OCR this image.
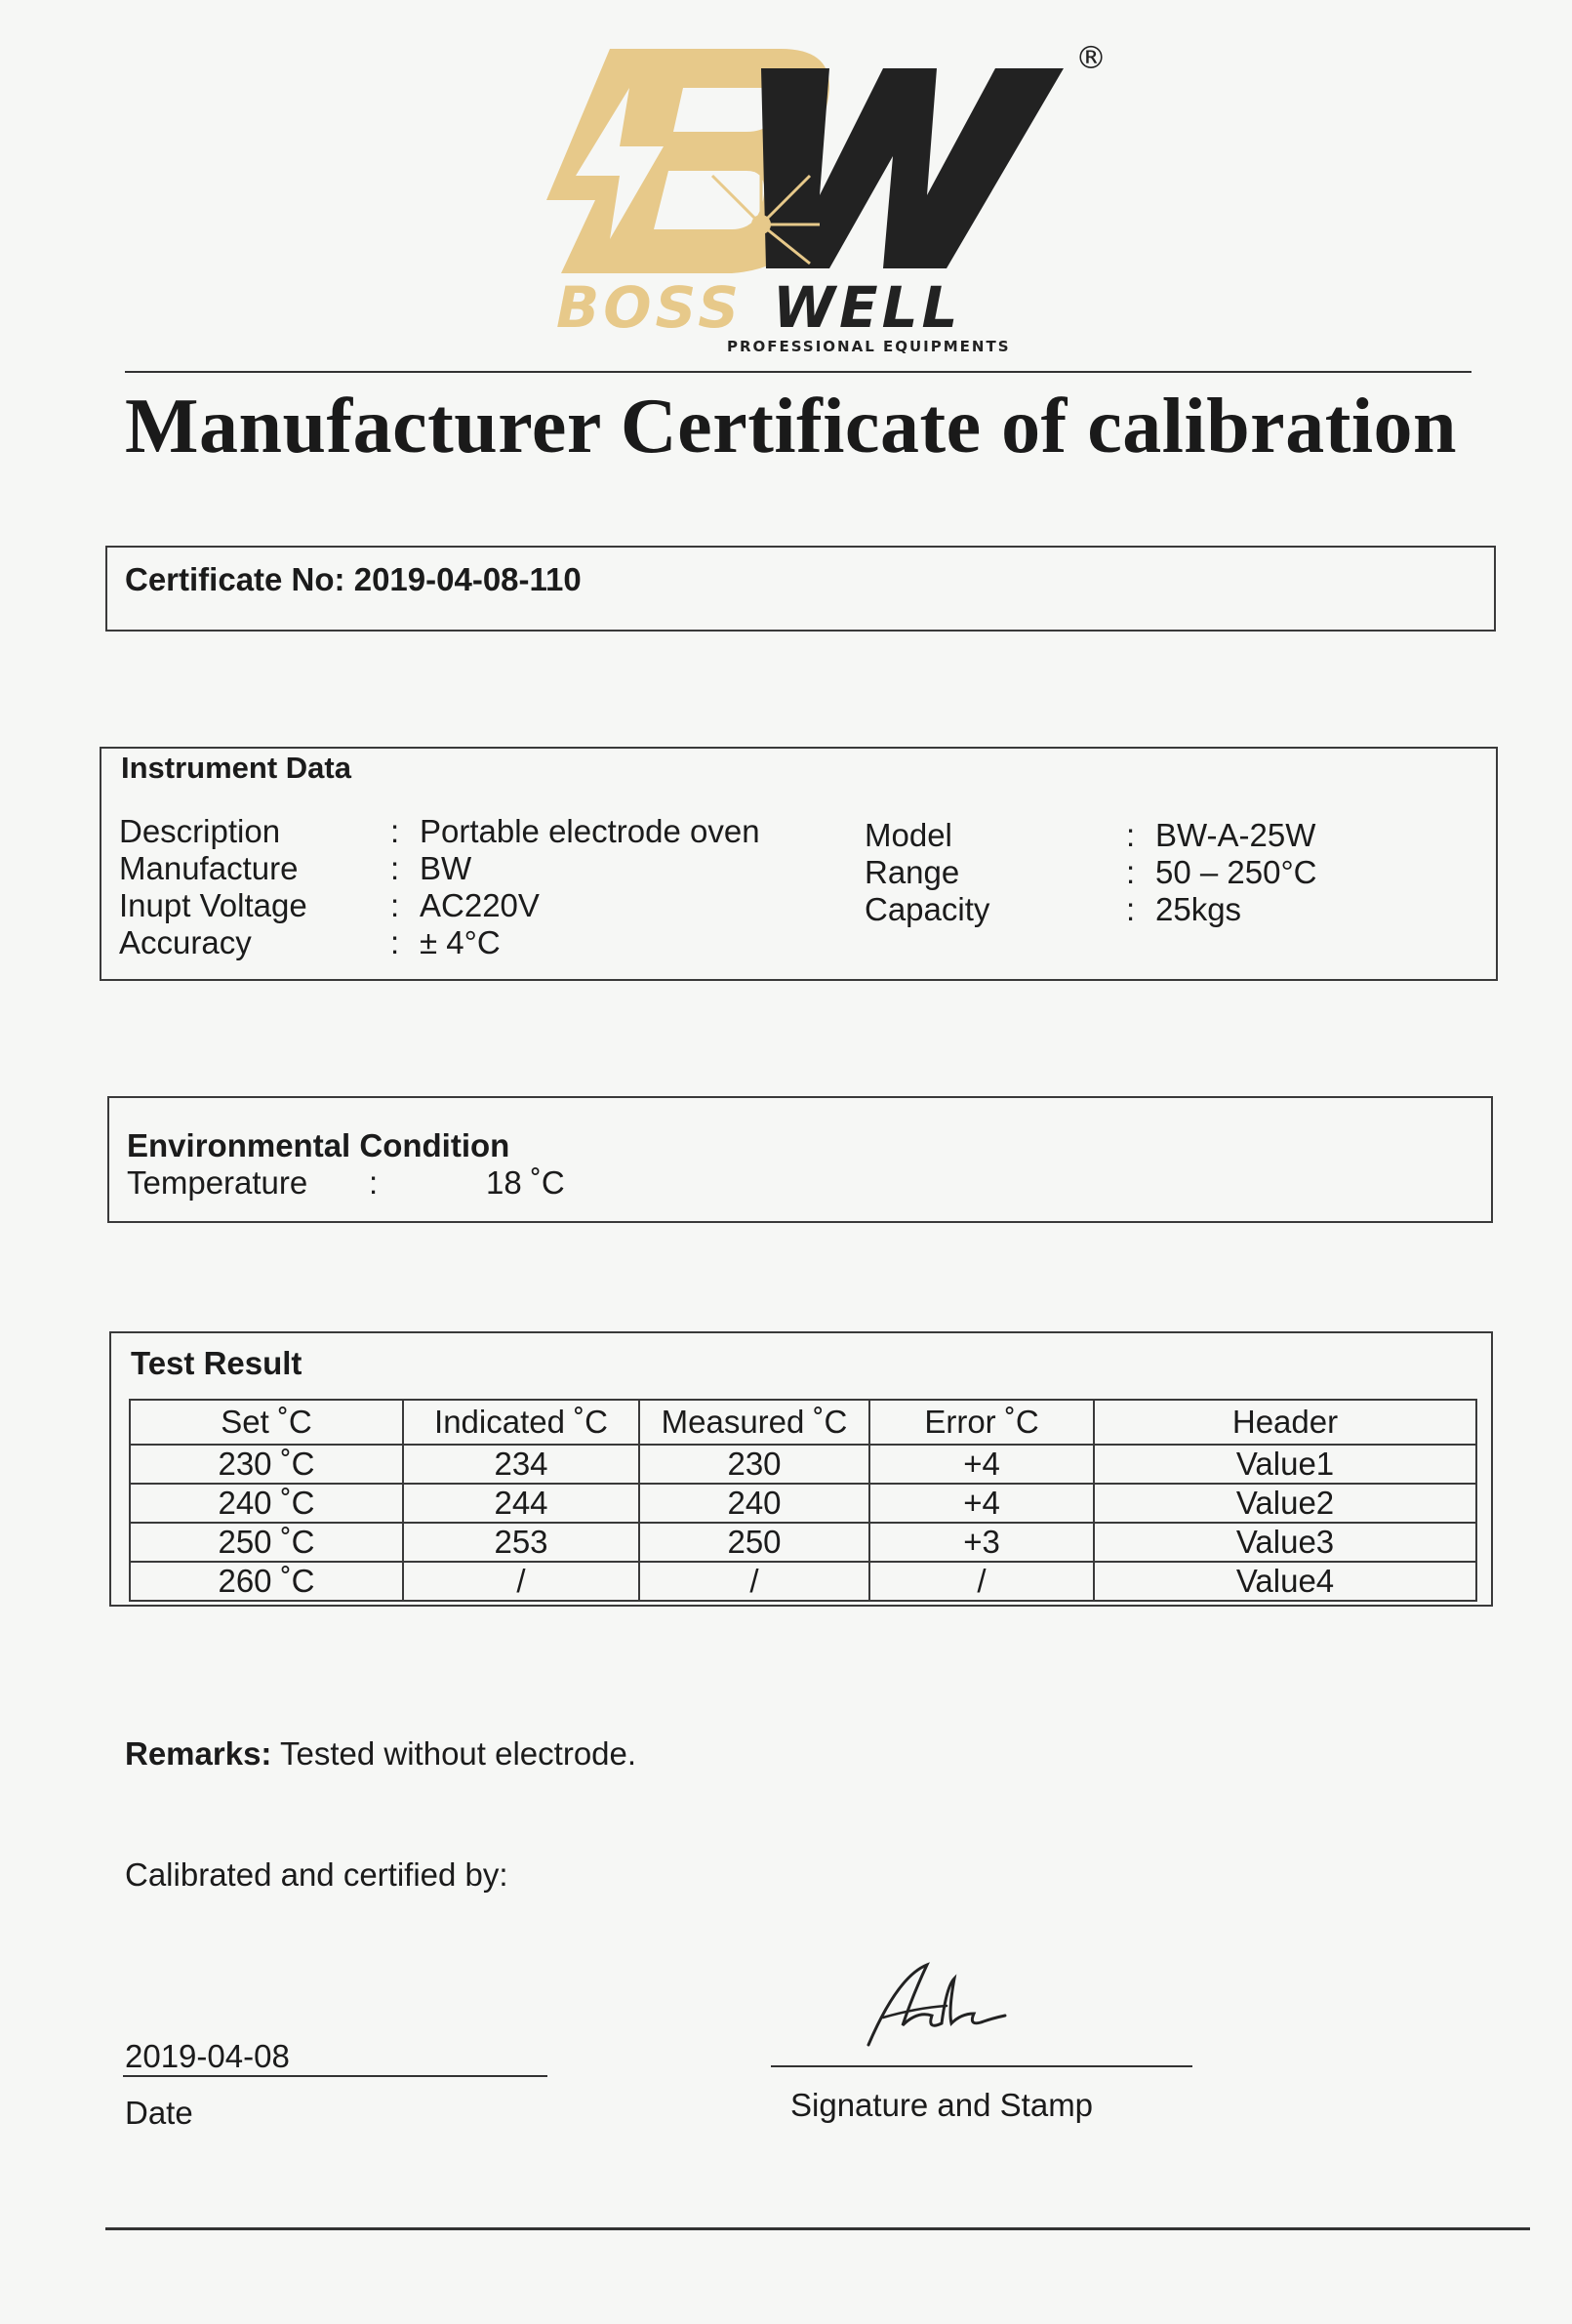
®
BOSS WELL
PROFESSIONAL EQUIPMENTS
Manufacturer Certificate of calibration
Certificate No: 2019-04-08-110
Instrument Data
Description	: Portable electrode oven
Manufacture	: BW
Inupt Voltage	: AC220V
Accuracy	: ± 4°C
Model	: BW-A-25W
Range	: 50 – 250°C
Capacity	: 25kgs
Environmental Condition
Temperature :	18 ˚C
Test Result
Set ˚C	Indicated ˚C	Measured ˚C	Error ˚C	Header
230 ˚C	234	230	+4	Value1
240 ˚C	244	240	+4	Value2
250 ˚C	253	250	+3	Value3
260 ˚C	/	/	/	Value4
Remarks: Tested without electrode.
Calibrated and certified by:
2019-04-08
Date	Signature and Stamp
